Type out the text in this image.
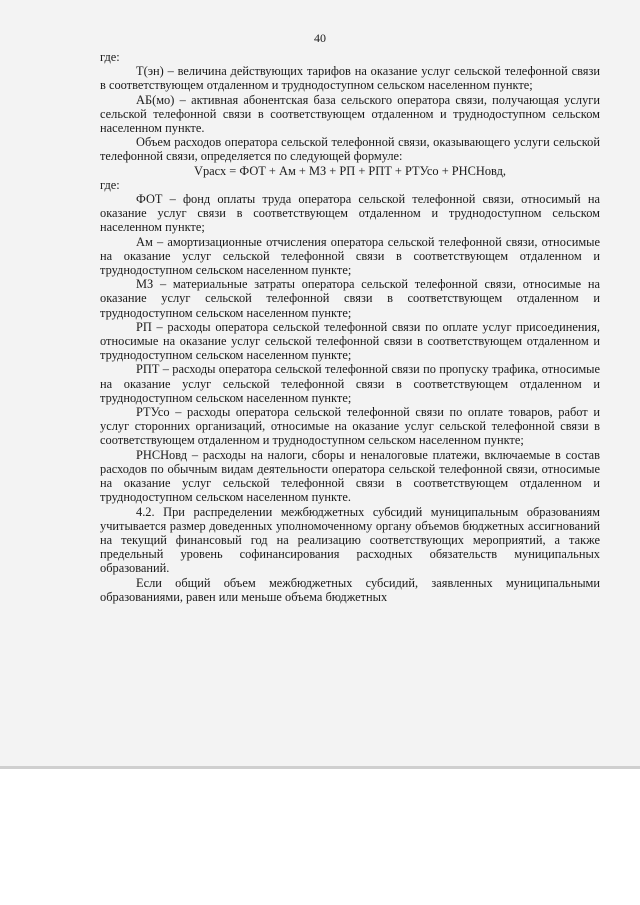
40

где:

Т(эн) – величина действующих тарифов на оказание услуг сельской телефонной связи в соответствующем отдаленном и труднодоступном сельском населенном пункте;

АБ(мо) – активная абонентская база сельского оператора связи, получающая услуги сельской телефонной связи в соответствующем отдаленном и труднодоступном сельском населенном пункте.

Объем расходов оператора сельской телефонной связи, оказывающего услуги сельской телефонной связи, определяется по следующей формуле:

Vрасх = ФОТ + Ам + МЗ + РП + РПТ + РТУсо + РНСНовд,

где:

ФОТ – фонд оплаты труда оператора сельской телефонной связи, относимый на оказание услуг связи в соответствующем отдаленном и труднодоступном сельском населенном пункте;

Ам – амортизационные отчисления оператора сельской телефонной связи, относимые на оказание услуг сельской телефонной связи в соответствующем отдаленном и труднодоступном сельском населенном пункте;

МЗ – материальные затраты оператора сельской телефонной связи, относимые на оказание услуг сельской телефонной связи в соответствующем отдаленном и труднодоступном сельском населенном пункте;

РП – расходы оператора сельской телефонной связи по оплате услуг присоединения, относимые на оказание услуг сельской телефонной связи в соответствующем отдаленном и труднодоступном сельском населенном пункте;

РПТ – расходы оператора сельской телефонной связи по пропуску трафика, относимые на оказание услуг сельской телефонной связи в соответствующем отдаленном и труднодоступном сельском населенном пункте;

РТУсо – расходы оператора сельской телефонной связи по оплате товаров, работ и услуг сторонних организаций, относимые на оказание услуг сельской телефонной связи в соответствующем отдаленном и труднодоступном сельском населенном пункте;

РНСНовд – расходы на налоги, сборы и неналоговые платежи, включаемые в состав расходов по обычным видам деятельности оператора сельской телефонной связи, относимые на оказание услуг сельской телефонной связи в соответствующем отдаленном и труднодоступном сельском населенном пункте.

4.2. При распределении межбюджетных субсидий муниципальным образованиям учитывается размер доведенных уполномоченному органу объемов бюджетных ассигнований на текущий финансовый год на реализацию соответствующих мероприятий, а также предельный уровень софинансирования расходных обязательств муниципальных образований.

Если общий объем межбюджетных субсидий, заявленных муниципальными образованиями, равен или меньше объема бюджетных
